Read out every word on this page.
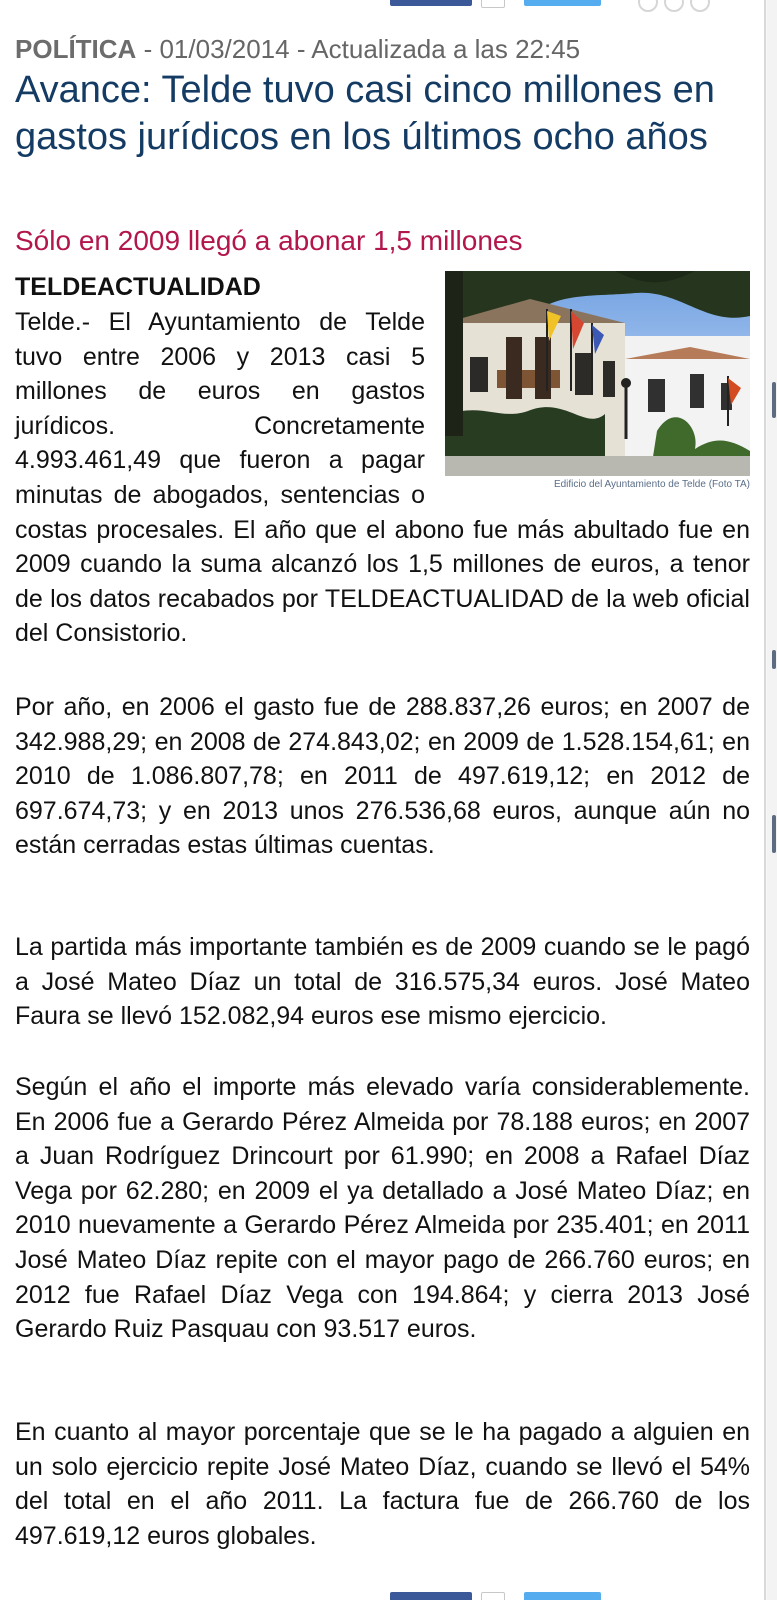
POLÍTICA - 01/03/2014 - Actualizada a las 22:45
Avance: Telde tuvo casi cinco millones en gastos jurídicos en los últimos ocho años
Sólo en 2009 llegó a abonar 1,5 millones
TELDEACTUALIDAD
Edificio del Ayuntamiento de Telde (Foto TA)
Telde.- El Ayuntamiento de Telde tuvo entre 2006 y 2013 casi 5 millones de euros en gastos jurídicos. Concretamente 4.993.461,49 que fueron a pagar minutas de abogados, sentencias o costas procesales. El año que el abono fue más abultado fue en 2009 cuando la suma alcanzó los 1,5 millones de euros, a tenor de los datos recabados por TELDEACTUALIDAD de la web oficial del Consistorio.

Por año, en 2006 el gasto fue de 288.837,26 euros; en 2007 de 342.988,29; en 2008 de 274.843,02; en 2009 de 1.528.154,61; en 2010 de 1.086.807,78; en 2011 de 497.619,12; en 2012 de 697.674,73; y en 2013 unos 276.536,68 euros, aunque aún no están cerradas estas últimas cuentas.

La partida más importante también es de 2009 cuando se le pagó a José Mateo Díaz un total de 316.575,34 euros. José Mateo Faura se llevó 152.082,94 euros ese mismo ejercicio.

Según el año el importe más elevado varía considerablemente. En 2006 fue a Gerardo Pérez Almeida por 78.188 euros; en 2007 a Juan Rodríguez Drincourt por 61.990; en 2008 a Rafael Díaz Vega por 62.280; en 2009 el ya detallado a José Mateo Díaz; en 2010 nuevamente a Gerardo Pérez Almeida por 235.401; en 2011 José Mateo Díaz repite con el mayor pago de 266.760 euros; en 2012 fue Rafael Díaz Vega con 194.864; y cierra 2013 José Gerardo Ruiz Pasquau con 93.517 euros.

En cuanto al mayor porcentaje que se le ha pagado a alguien en un solo ejercicio repite José Mateo Díaz, cuando se llevó el 54% del total en el año 2011. La factura fue de 266.760 de los 497.619,12 euros globales.
